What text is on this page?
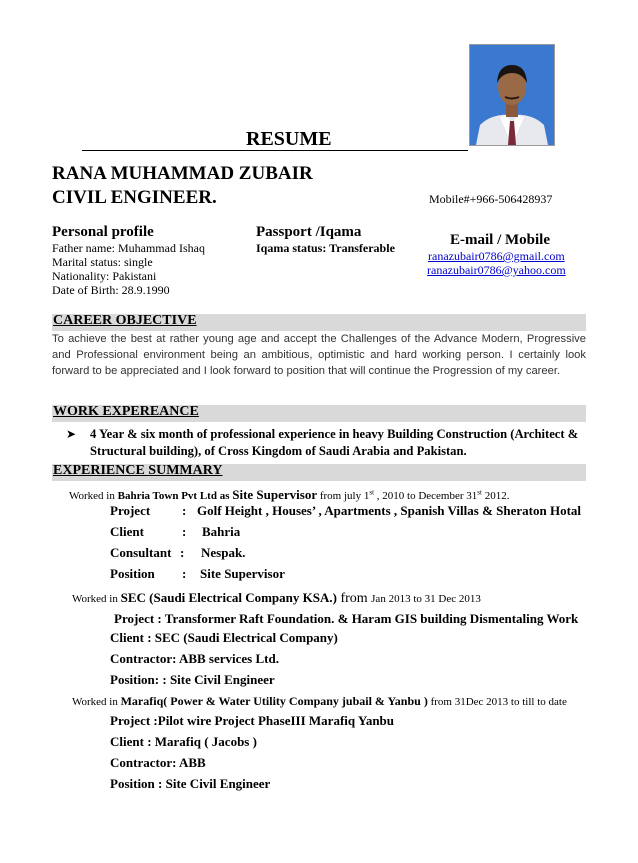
RESUME
RANA MUHAMMAD ZUBAIR
CIVIL ENGINEER.	Mobile#+966-506428937
Personal profile
Father name: Muhammad Ishaq
Marital status: single
Nationality: Pakistani
Date of Birth: 28.9.1990
Passport /Iqama
Iqama status: Transferable	E-mail / Mobile
ranazubair0786@gmail.com
ranazubair0786@yahoo.com
CAREER OBJECTIVE
To achieve the best at rather young age and accept the Challenges of the Advance Modern, Progressive and Professional environment being an ambitious, optimistic and hard working person. I certainly look forward to be appreciated and I look forward to position that will continue the Progression of my career.
WORK EXPEREANCE
➤ 4 Year & six month of professional experience in heavy Building Construction (Architect & Structural building), of Cross Kingdom of Saudi Arabia and Pakistan.
EXPERIENCE SUMMARY
Worked in Bahria Town Pvt Ltd as Site Supervisor from july 1st , 2010 to December 31st 2012.
Project : Golf Height , Houses’ , Apartments , Spanish Villas & Sheraton Hotal
Client	: Bahria
Consultant : Nespak.
Position : Site Supervisor
Worked in SEC (Saudi Electrical Company KSA.) from Jan 2013 to 31 Dec 2013
Project : Transformer Raft Foundation. & Haram GIS building Dismentaling Work
Client : SEC (Saudi Electrical Company)
Contractor: ABB services Ltd.
Position: : Site Civil Engineer
Worked in Marafiq( Power & Water Utility Company jubail & Yanbu ) from 31Dec 2013 to till to date
Project :Pilot wire Project PhaseIII Marafiq Yanbu
Client : Marafiq ( Jacobs )
Contractor: ABB
Position : Site Civil Engineer
